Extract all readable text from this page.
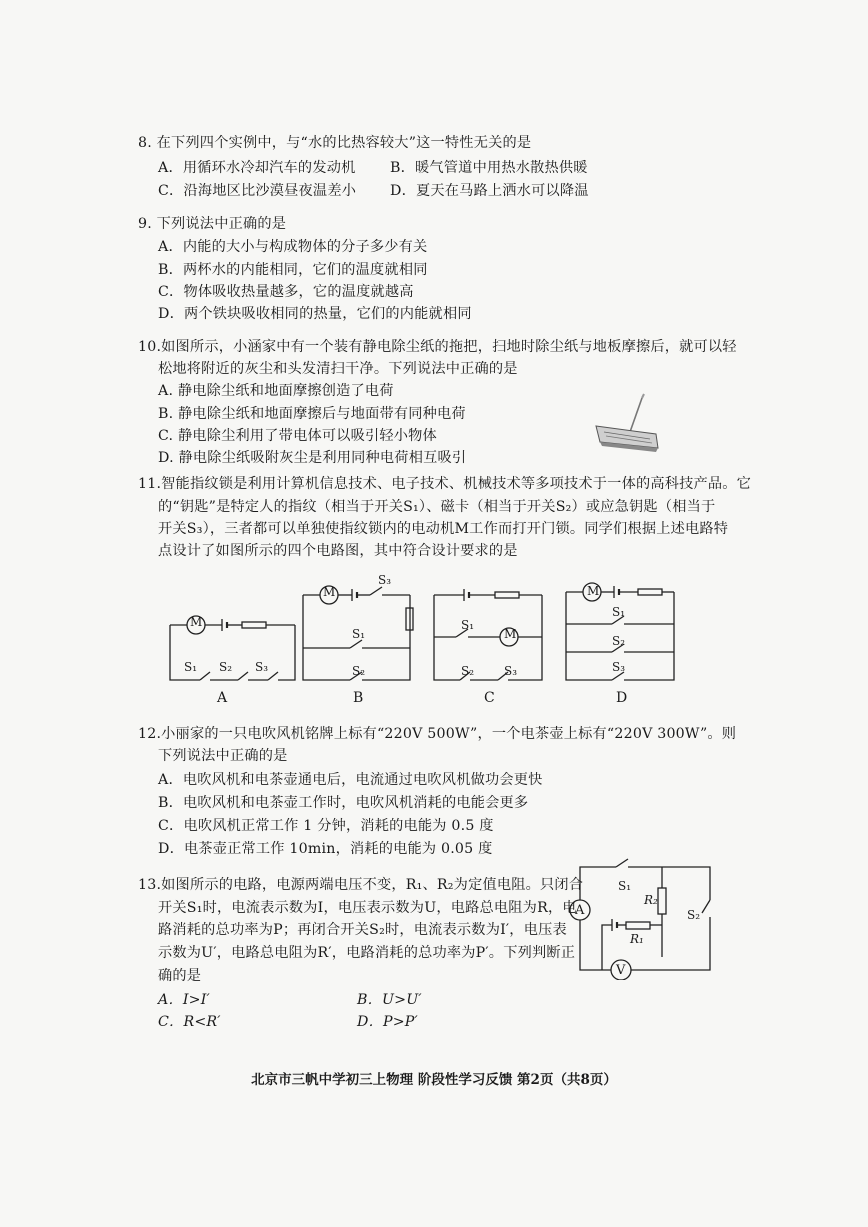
8. 在下列四个实例中，与“水的比热容较大”这一特性无关的是
A．用循环水冷却汽车的发动机 B．暖气管道中用热水散热供暖
C．沿海地区比沙漠昼夜温差小 D．夏天在马路上洒水可以降温
9. 下列说法中正确的是
A．内能的大小与构成物体的分子多少有关
B．两杯水的内能相同，它们的温度就相同
C．物体吸收热量越多，它的温度就越高
D．两个铁块吸收相同的热量，它们的内能就相同
10.如图所示，小涵家中有一个装有静电除尘纸的拖把，扫地时除尘纸与地板摩擦后，就可以轻
松地将附近的灰尘和头发清扫干净。下列说法中正确的是
A. 静电除尘纸和地面摩擦创造了电荷
B. 静电除尘纸和地面摩擦后与地面带有同种电荷
C. 静电除尘利用了带电体可以吸引轻小物体
D. 静电除尘纸吸附灰尘是利用同种电荷相互吸引
11.智能指纹锁是利用计算机信息技术、电子技术、机械技术等多项技术于一体的高科技产品。它
的“钥匙”是特定人的指纹（相当于开关S₁）、磁卡（相当于开关S₂）或应急钥匙（相当于
开关S₃），三者都可以单独使指纹锁内的电动机M工作而打开门锁。同学们根据上述电路特
点设计了如图所示的四个电路图，其中符合设计要求的是
M
S₁ S₂ S₃
A
M
S₃
S₁
S₂
B
M
S₁
S₂ S₃
C
M
S₁
S₂
S₃
D
12.小丽家的一只电吹风机铭牌上标有“220V 500W”，一个电茶壶上标有“220V 300W”。则
下列说法中正确的是
A．电吹风机和电茶壶通电后，电流通过电吹风机做功会更快
B．电吹风机和电茶壶工作时，电吹风机消耗的电能会更多
C．电吹风机正常工作 1 分钟，消耗的电能为 0.5 度
D．电茶壶正常工作 10min，消耗的电能为 0.05 度
13.如图所示的电路，电源两端电压不变，R₁、R₂为定值电阻。只闭合
开关S₁时，电流表示数为I，电压表示数为U，电路总电阻为R，电
路消耗的总功率为P；再闭合开关S₂时，电流表示数为I′，电压表
示数为U′，电路总电阻为R′，电路消耗的总功率为P′。下列判断正
确的是
A．I>I′	B．U>U′
C．R<R′	D．P>P′
A
V
S₁
S₂
R₂
R₁
北京市三帆中学初三上物理 阶段性学习反馈 第2页（共8页）
